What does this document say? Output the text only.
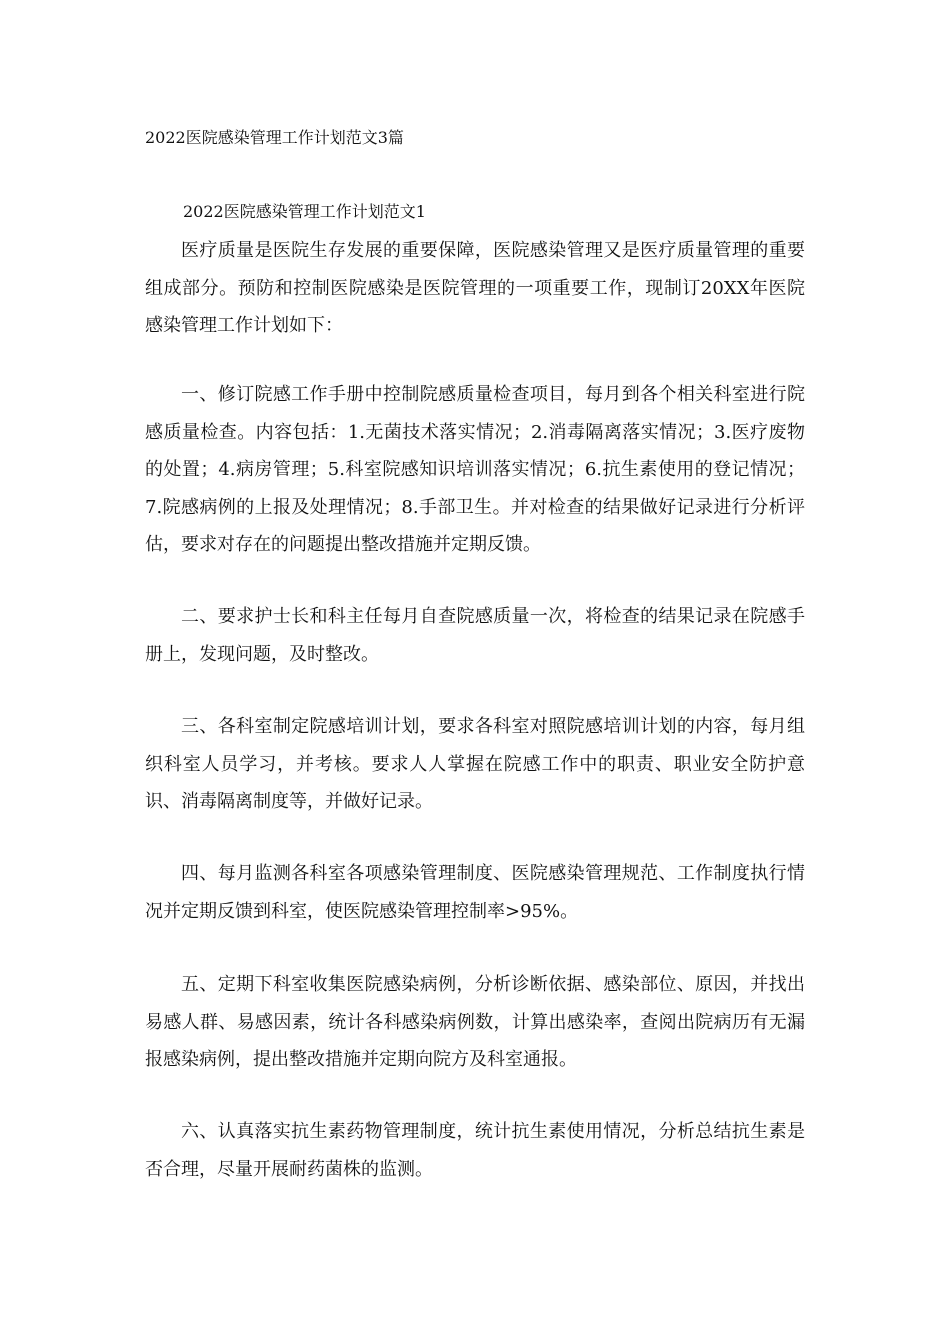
2022医院感染管理工作计划范文3篇
2022医院感染管理工作计划范文1

医疗质量是医院生存发展的重要保障，医院感染管理又是医疗质量管理的重要组成部分。预防和控制医院感染是医院管理的一项重要工作，现制订20XX年医院感染管理工作计划如下：

一、修订院感工作手册中控制院感质量检查项目，每月到各个相关科室进行院感质量检查。内容包括：1.无菌技术落实情况；2.消毒隔离落实情况；3.医疗废物的处置；4.病房管理；5.科室院感知识培训落实情况；6.抗生素使用的登记情况；7.院感病例的上报及处理情况；8.手部卫生。并对检查的结果做好记录进行分析评估，要求对存在的问题提出整改措施并定期反馈。

二、要求护士长和科主任每月自查院感质量一次，将检查的结果记录在院感手册上，发现问题，及时整改。

三、各科室制定院感培训计划，要求各科室对照院感培训计划的内容，每月组织科室人员学习，并考核。要求人人掌握在院感工作中的职责、职业安全防护意识、消毒隔离制度等，并做好记录。

四、每月监测各科室各项感染管理制度、医院感染管理规范、工作制度执行情况并定期反馈到科室，使医院感染管理控制率>95%。

五、定期下科室收集医院感染病例，分析诊断依据、感染部位、原因，并找出易感人群、易感因素，统计各科感染病例数，计算出感染率，查阅出院病历有无漏报感染病例，提出整改措施并定期向院方及科室通报。

六、认真落实抗生素药物管理制度，统计抗生素使用情况，分析总结抗生素是否合理，尽量开展耐药菌株的监测。
